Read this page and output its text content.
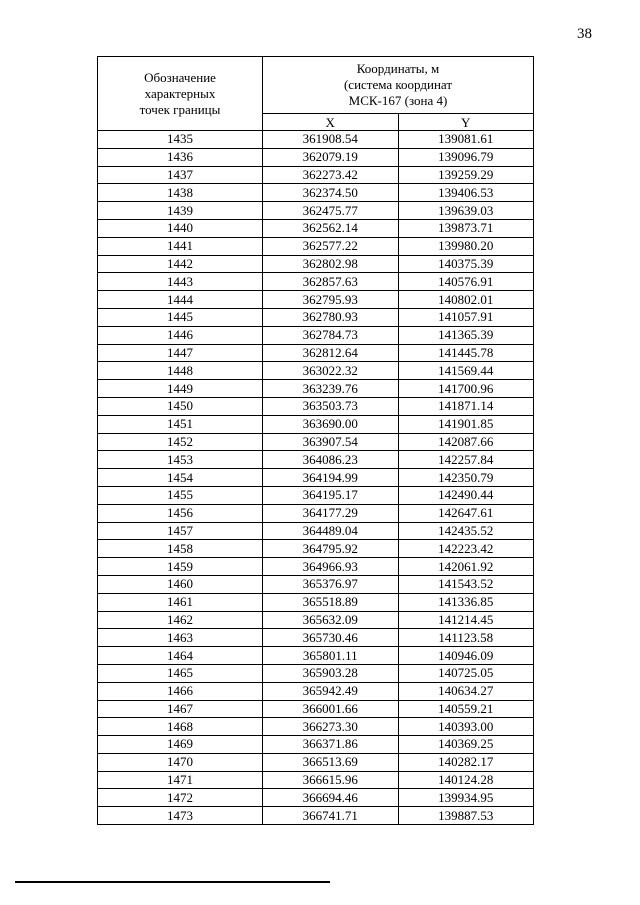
38
Обозначение
характерных
точек границы	Координаты, м
(система координат
МСК-167 (зона 4)	

	X	Y
1435	361908.54	139081.61
1436	362079.19	139096.79
1437	362273.42	139259.29
1438	362374.50	139406.53
1439	362475.77	139639.03
1440	362562.14	139873.71
1441	362577.22	139980.20
1442	362802.98	140375.39
1443	362857.63	140576.91
1444	362795.93	140802.01
1445	362780.93	141057.91
1446	362784.73	141365.39
1447	362812.64	141445.78
1448	363022.32	141569.44
1449	363239.76	141700.96
1450	363503.73	141871.14
1451	363690.00	141901.85
1452	363907.54	142087.66
1453	364086.23	142257.84
1454	364194.99	142350.79
1455	364195.17	142490.44
1456	364177.29	142647.61
1457	364489.04	142435.52
1458	364795.92	142223.42
1459	364966.93	142061.92
1460	365376.97	141543.52
1461	365518.89	141336.85
1462	365632.09	141214.45
1463	365730.46	141123.58
1464	365801.11	140946.09
1465	365903.28	140725.05
1466	365942.49	140634.27
1467	366001.66	140559.21
1468	366273.30	140393.00
1469	366371.86	140369.25
1470	366513.69	140282.17
1471	366615.96	140124.28
1472	366694.46	139934.95
1473	366741.71	139887.53
